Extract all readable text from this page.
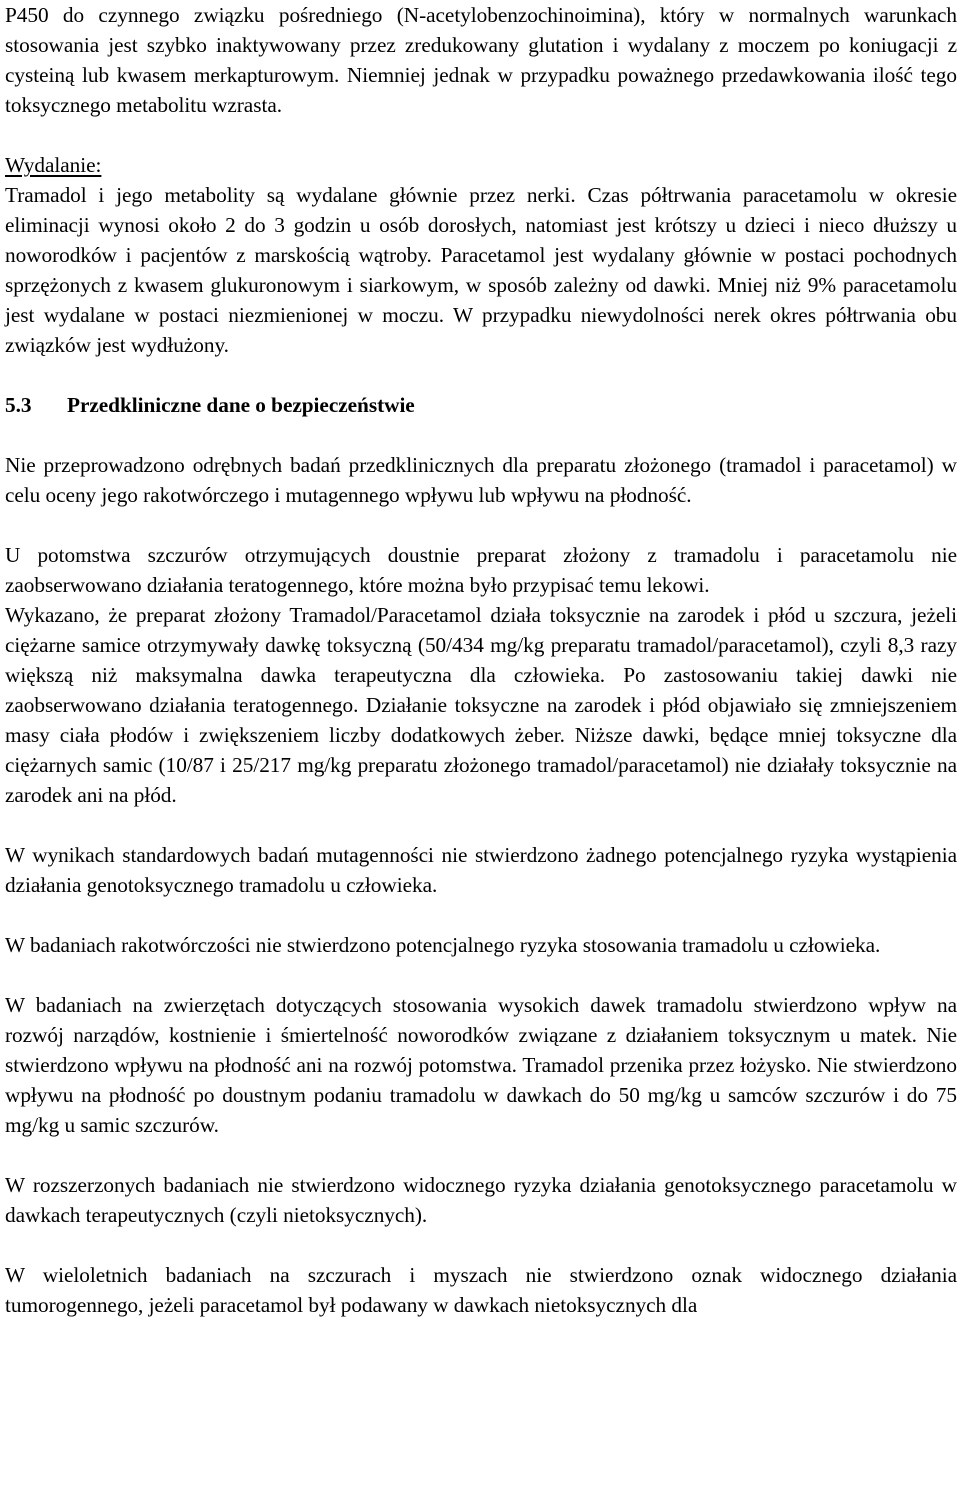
P450 do czynnego związku pośredniego (N-acetylobenzochinoimina), który w normalnych warunkach stosowania jest szybko inaktywowany przez zredukowany glutation i wydalany z moczem po koniugacji z cysteiną lub kwasem merkapturowym. Niemniej jednak w przypadku poważnego przedawkowania ilość tego toksycznego metabolitu wzrasta.

Wydalanie:

Tramadol i jego metabolity są wydalane głównie przez nerki. Czas półtrwania paracetamolu w okresie eliminacji wynosi około 2 do 3 godzin u osób dorosłych, natomiast jest krótszy u dzieci i nieco dłuższy u noworodków i pacjentów z marskością wątroby. Paracetamol jest wydalany głównie w postaci pochodnych sprzężonych z kwasem glukuronowym i siarkowym, w sposób zależny od dawki. Mniej niż 9% paracetamolu jest wydalane w postaci niezmienionej w moczu. W przypadku niewydolności nerek okres półtrwania obu związków jest wydłużony.

5.3	Przedkliniczne dane o bezpieczeństwie

Nie przeprowadzono odrębnych badań przedklinicznych dla preparatu złożonego (tramadol i paracetamol) w celu oceny jego rakotwórczego i mutagennego wpływu lub wpływu na płodność.

U potomstwa szczurów otrzymujących doustnie preparat złożony z tramadolu i paracetamolu nie zaobserwowano działania teratogennego, które można było przypisać temu lekowi.

Wykazano, że preparat złożony Tramadol/Paracetamol działa toksycznie na zarodek i płód u szczura, jeżeli ciężarne samice otrzymywały dawkę toksyczną (50/434 mg/kg preparatu tramadol/paracetamol), czyli 8,3 razy większą niż maksymalna dawka terapeutyczna dla człowieka. Po zastosowaniu takiej dawki nie zaobserwowano działania teratogennego. Działanie toksyczne na zarodek i płód objawiało się zmniejszeniem masy ciała płodów i zwiększeniem liczby dodatkowych żeber. Niższe dawki, będące mniej toksyczne dla ciężarnych samic (10/87 i 25/217 mg/kg preparatu złożonego tramadol/paracetamol) nie działały toksycznie na zarodek ani na płód.

W wynikach standardowych badań mutagenności nie stwierdzono żadnego potencjalnego ryzyka wystąpienia działania genotoksycznego tramadolu u człowieka.

W badaniach rakotwórczości nie stwierdzono potencjalnego ryzyka stosowania tramadolu u człowieka.

W badaniach na zwierzętach dotyczących stosowania wysokich dawek tramadolu stwierdzono wpływ na rozwój narządów, kostnienie i śmiertelność noworodków związane z działaniem toksycznym u matek. Nie stwierdzono wpływu na płodność ani na rozwój potomstwa. Tramadol przenika przez łożysko. Nie stwierdzono wpływu na płodność po doustnym podaniu tramadolu w dawkach do 50 mg/kg u samców szczurów i do 75 mg/kg u samic szczurów.

W rozszerzonych badaniach nie stwierdzono widocznego ryzyka działania genotoksycznego paracetamolu w dawkach terapeutycznych (czyli nietoksycznych).

W wieloletnich badaniach na szczurach i myszach nie stwierdzono oznak widocznego działania tumorogennego, jeżeli paracetamol był podawany w dawkach nietoksycznych dla
